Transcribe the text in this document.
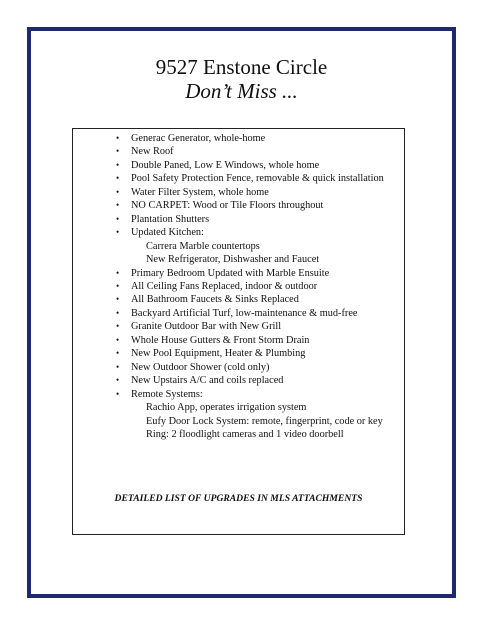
9527 Enstone Circle
Don’t Miss ...
• Generac Generator, whole-home
• New Roof
• Double Paned, Low E Windows, whole home
• Pool Safety Protection Fence, removable & quick installation
• Water Filter System, whole home
• NO CARPET: Wood or Tile Floors throughout
• Plantation Shutters
• Updated Kitchen:
Carrera Marble countertops
New Refrigerator, Dishwasher and Faucet
• Primary Bedroom Updated with Marble Ensuite
• All Ceiling Fans Replaced, indoor & outdoor
• All Bathroom Faucets & Sinks Replaced
• Backyard Artificial Turf, low-maintenance & mud-free
• Granite Outdoor Bar with New Grill
• Whole House Gutters & Front Storm Drain
• New Pool Equipment, Heater & Plumbing
• New Outdoor Shower (cold only)
• New Upstairs A/C and coils replaced
• Remote Systems:
Rachio App, operates irrigation system
Eufy Door Lock System: remote, fingerprint, code or key
Ring: 2 floodlight cameras and 1 video doorbell
DETAILED LIST OF UPGRADES IN MLS ATTACHMENTS
